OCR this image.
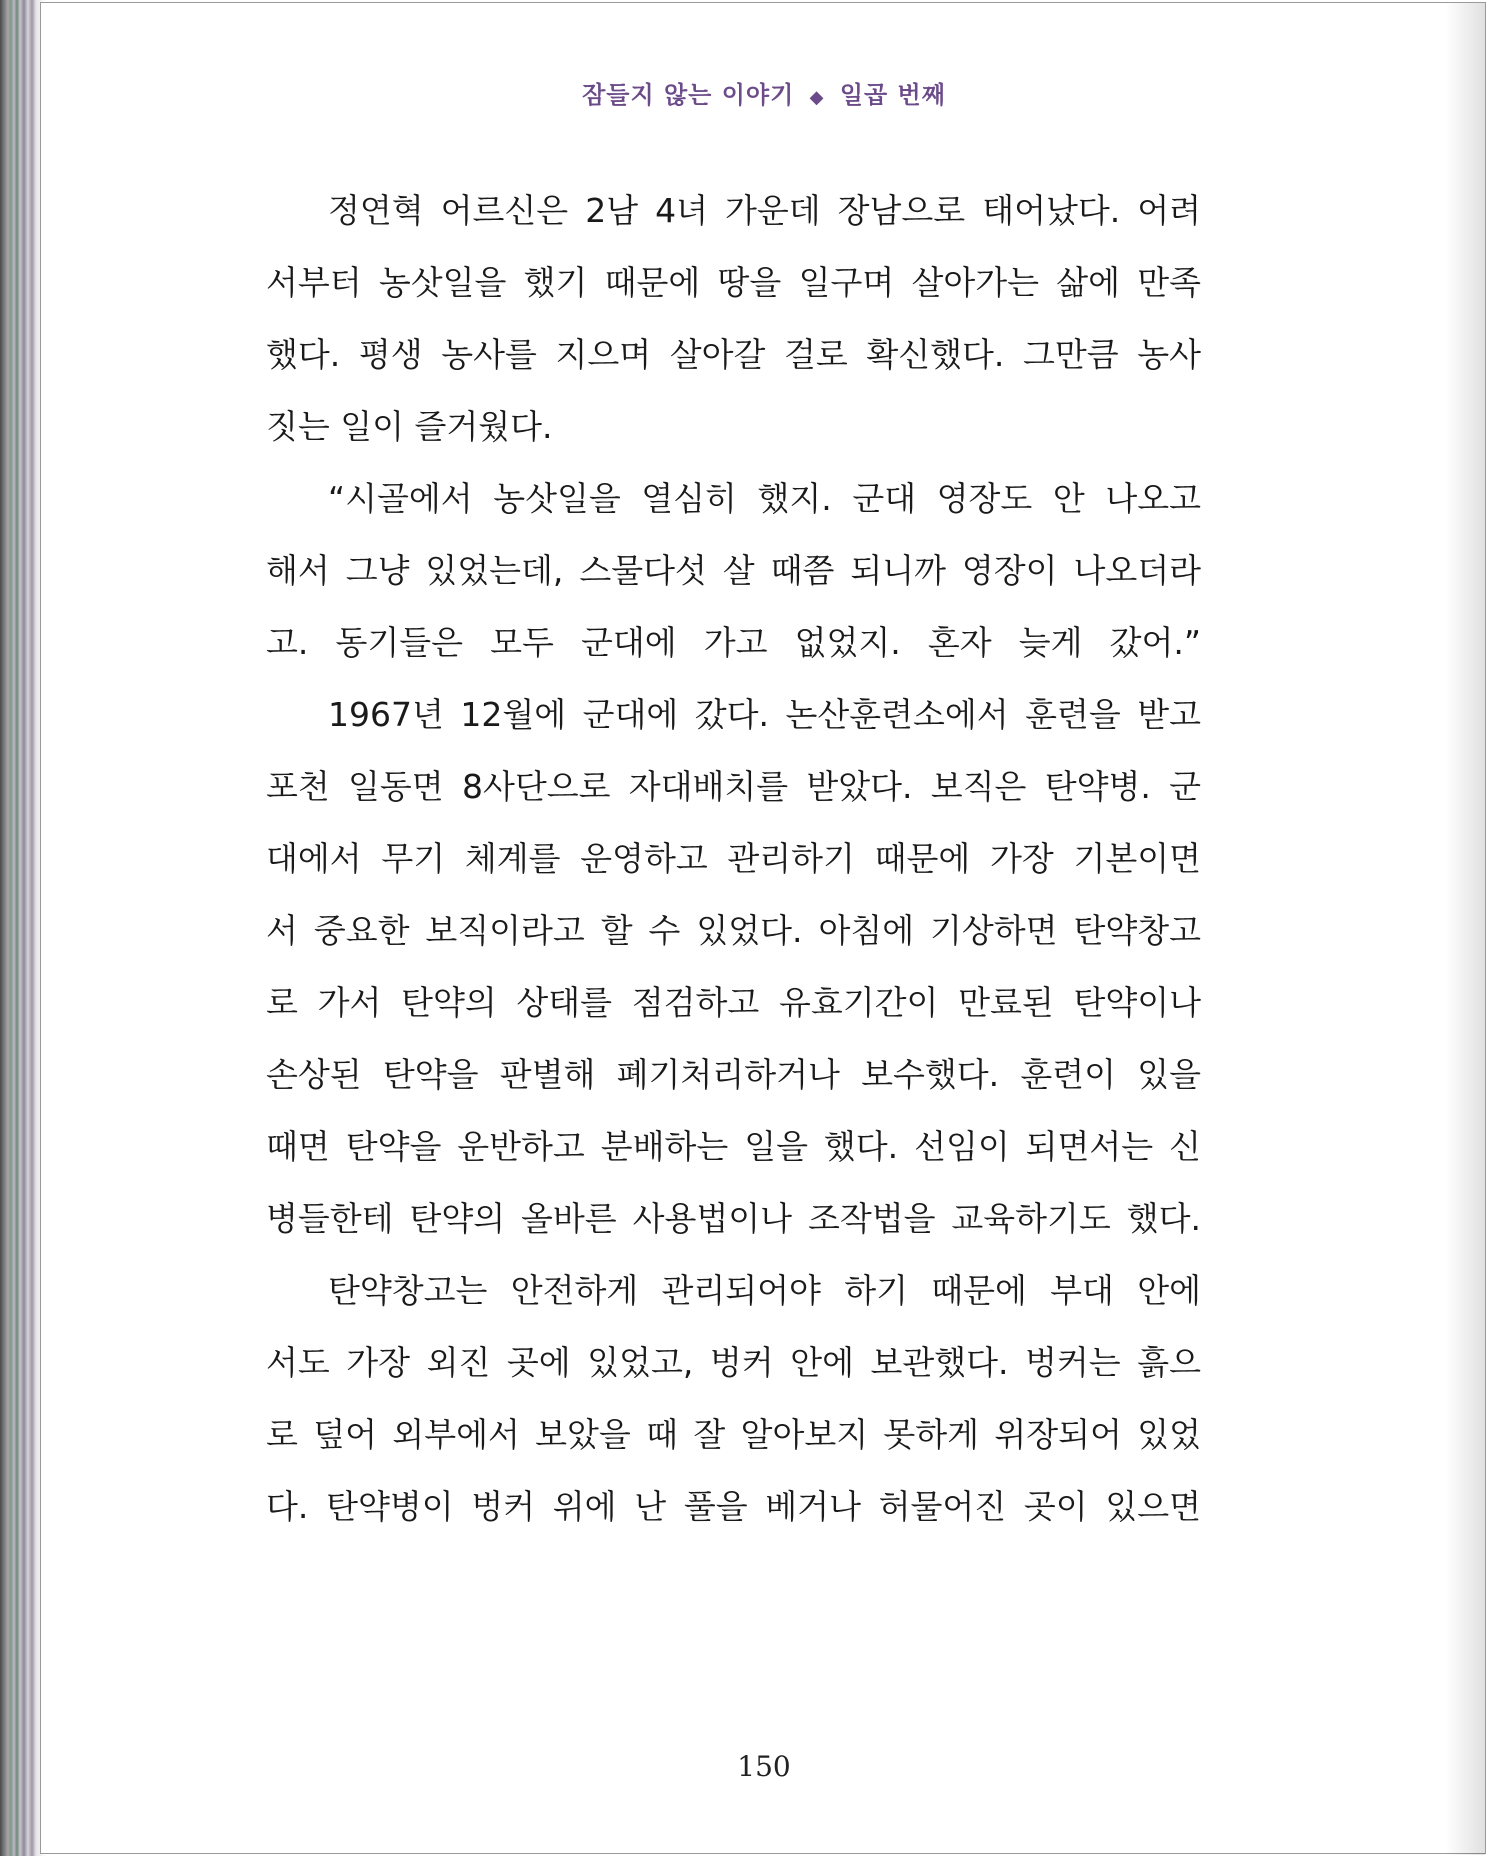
잠들지 않는 이야기 ◆ 일곱 번째
정연혁 어르신은 2남 4녀 가운데 장남으로 태어났다. 어려
서부터 농삿일을 했기 때문에 땅을 일구며 살아가는 삶에 만족
했다. 평생 농사를 지으며 살아갈 걸로 확신했다. 그만큼 농사
짓는 일이 즐거웠다.
“시골에서 농삿일을 열심히 했지. 군대 영장도 안 나오고
해서 그냥 있었는데, 스물다섯 살 때쯤 되니까 영장이 나오더라
고. 동기들은 모두 군대에 가고 없었지. 혼자 늦게 갔어.”
1967년 12월에 군대에 갔다. 논산훈련소에서 훈련을 받고
포천 일동면 8사단으로 자대배치를 받았다. 보직은 탄약병. 군
대에서 무기 체계를 운영하고 관리하기 때문에 가장 기본이면
서 중요한 보직이라고 할 수 있었다. 아침에 기상하면 탄약창고
로 가서 탄약의 상태를 점검하고 유효기간이 만료된 탄약이나
손상된 탄약을 판별해 폐기처리하거나 보수했다. 훈련이 있을
때면 탄약을 운반하고 분배하는 일을 했다. 선임이 되면서는 신
병들한테 탄약의 올바른 사용법이나 조작법을 교육하기도 했다.
탄약창고는 안전하게 관리되어야 하기 때문에 부대 안에
서도 가장 외진 곳에 있었고, 벙커 안에 보관했다. 벙커는 흙으
로 덮어 외부에서 보았을 때 잘 알아보지 못하게 위장되어 있었
다. 탄약병이 벙커 위에 난 풀을 베거나 허물어진 곳이 있으면
150
